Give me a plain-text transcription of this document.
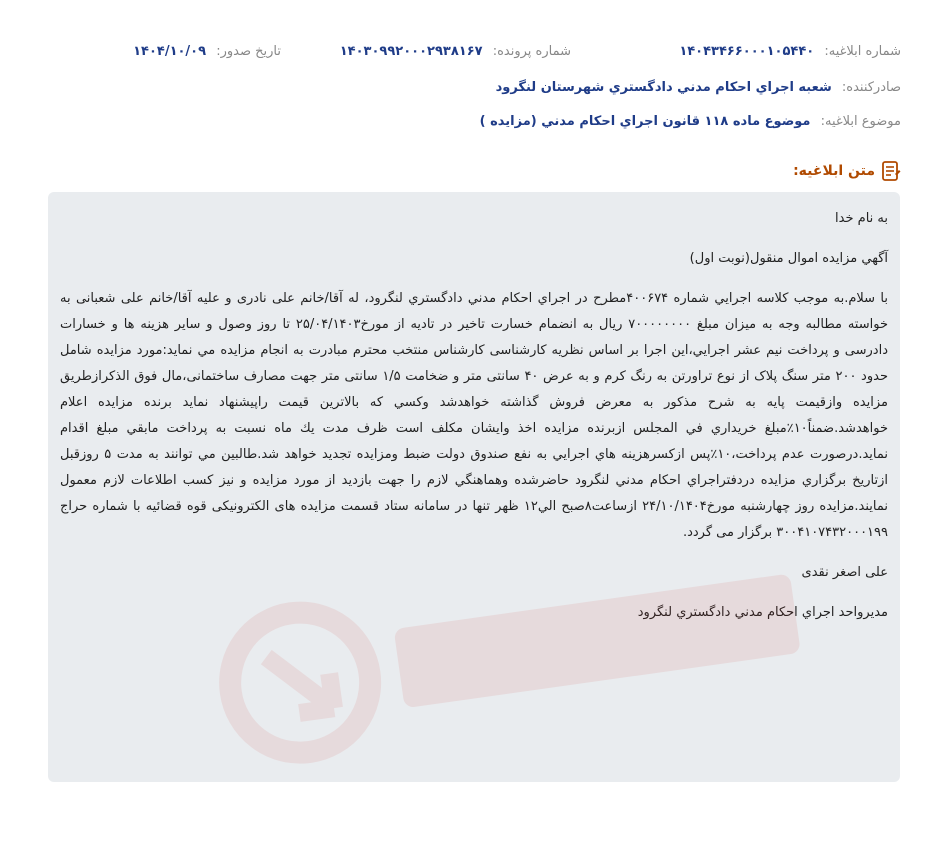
شماره ابلاغيه: ۱۴۰۴۳۴۶۶۰۰۰۱۰۵۴۴۰
شماره پرونده: ۱۴۰۳۰۹۹۲۰۰۰۲۹۳۸۱۶۷
تاريخ صدور: ۱۴۰۴/۱۰/۰۹
صادرکننده: شعبه اجراي احكام مدني دادگستري شهرستان لنگرود
موضوع ابلاغيه: موضوع ماده ۱۱۸ قانون اجراي احكام مدني (مزايده )
متن ابلاغيه:

به نام خدا

آگهي مزايده اموال منقول(نوبت اول)

با سلام.به موجب كلاسه اجرايي شماره ۴۰۰۶۷۴مطرح در اجراي احكام مدني دادگستري لنگرود، له آقا/خانم علی نادری و عليه آقا/خانم علی شعبانی به خواسته مطالبه وجه به ميزان مبلغ ۷۰۰۰۰۰۰۰۰ ريال به انضمام خسارت تاخير در تاديه از مورخ۲۵/۰۴/۱۴۰۳ تا روز وصول و ساير هزينه ها و خسارات دادرسی و پرداخت نيم عشر اجرايي،اين اجرا بر اساس نظريه كارشناسی كارشناس منتخب محترم مبادرت به انجام مزايده مي نمايد:مورد مزايده شامل حدود ۲۰۰ متر سنگ پلاک از نوع تراورتن به رنگ کرم و به عرض ۴۰ سانتی متر و ضخامت ۱/۵ سانتی متر جهت مصارف ساختمانی،مال فوق الذكرازطريق مزايده وازقيمت پايه به شرح مذكور به معرض فروش گذاشته خواهدشد وكسي كه بالاترين قيمت راپيشنهاد نمايد برنده مزايده اعلام خواهدشد.ضمناً۱۰٪مبلغ خريداري في المجلس ازبرنده مزايده اخذ وايشان مكلف است ظرف مدت يك ماه نسبت به پرداخت مابقي مبلغ اقدام نمايد.درصورت عدم پرداخت،۱۰٪پس ازكسرهزينه هاي اجرايي به نفع صندوق دولت ضبط ومزايده تجديد خواهد شد.طالبين مي توانند به مدت ۵ روزقبل ازتاريخ برگزاري مزايده دردفتراجراي احكام مدني لنگرود حاضرشده وهماهنگي لازم را جهت بازديد از مورد مزايده و نيز كسب اطلاعات لازم معمول نمايند.مزايده روز چهارشنبه مورخ۲۴/۱۰/۱۴۰۴ ازساعت۸صبح الي۱۲ ظهر تنها در سامانه ستاد قسمت مزایده های الکترونیکی قوه قضائیه با شماره حراج ۳۰۰۴۱۰۷۴۳۲۰۰۰۱۹۹ برگزار می گردد.

علی اصغر نقدی

مديرواحد اجراي احكام مدني دادگستري لنگرود
